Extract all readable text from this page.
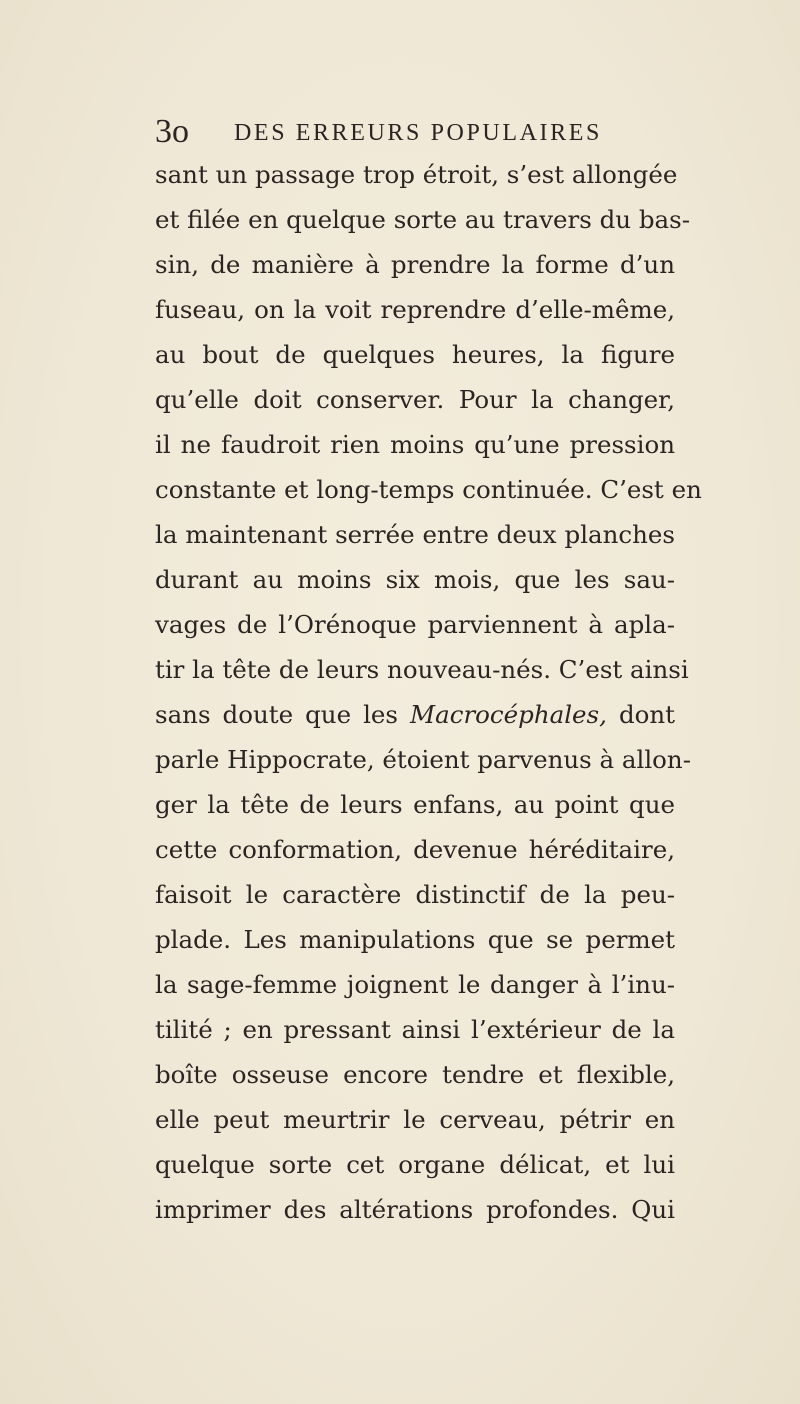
3o DES ERREURS POPULAIRES
sant un passage trop étroit, s’est allongée
et filée en quelque sorte au travers du bas-
sin, de manière à prendre la forme d’un
fuseau, on la voit reprendre d’elle-même,
au bout de quelques heures, la figure
qu’elle doit conserver. Pour la changer,
il ne faudroit rien moins qu’une pression
constante et long-temps continuée. C’est en
la maintenant serrée entre deux planches
durant au moins six mois, que les sau-
vages de l’Orénoque parviennent à apla-
tir la tête de leurs nouveau-nés. C’est ainsi
sans doute que les Macrocéphales, dont
parle Hippocrate, étoient parvenus à allon-
ger la tête de leurs enfans, au point que
cette conformation, devenue héréditaire,
faisoit le caractère distinctif de la peu-
plade. Les manipulations que se permet
la sage-femme joignent le danger à l’inu-
tilité ; en pressant ainsi l’extérieur de la
boîte osseuse encore tendre et flexible,
elle peut meurtrir le cerveau, pétrir en
quelque sorte cet organe délicat, et lui
imprimer des altérations profondes. Qui
